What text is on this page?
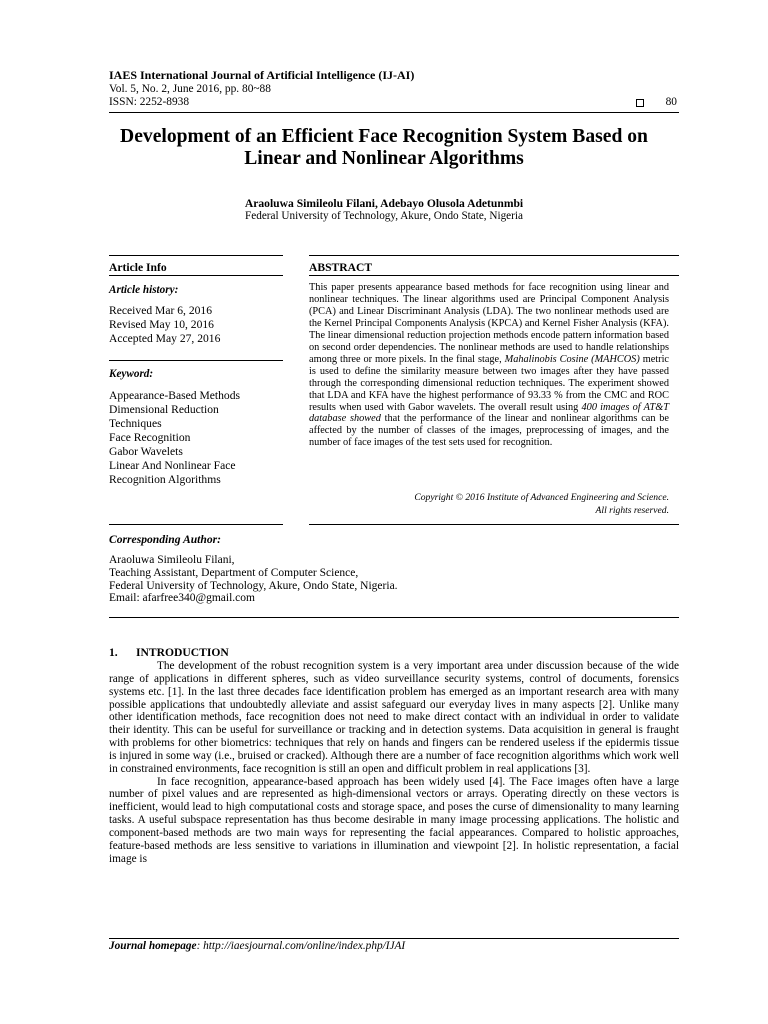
IAES International Journal of Artificial Intelligence (IJ-AI)
Vol. 5, No. 2, June 2016, pp. 80~88
ISSN: 2252-8938	80
Development of an Efficient Face Recognition System Based on
Linear and Nonlinear Algorithms
Araoluwa Simileolu Filani, Adebayo Olusola Adetunmbi
Federal University of Technology, Akure, Ondo State, Nigeria
Article Info
Article history:
Received Mar 6, 2016
Revised May 10, 2016
Accepted May 27, 2016
Keyword:
Appearance-Based Methods
Dimensional Reduction
Techniques
Face Recognition
Gabor Wavelets
Linear And Nonlinear Face
Recognition Algorithms
ABSTRACT
This paper presents appearance based methods for face recognition using linear and nonlinear techniques. The linear algorithms used are Principal Component Analysis (PCA) and Linear Discriminant Analysis (LDA). The two nonlinear methods used are the Kernel Principal Components Analysis (KPCA) and Kernel Fisher Analysis (KFA). The linear dimensional reduction projection methods encode pattern information based on second order dependencies. The nonlinear methods are used to handle relationships among three or more pixels. In the final stage, Mahalinobis Cosine (MAHCOS) metric is used to define the similarity measure between two images after they have passed through the corresponding dimensional reduction techniques. The experiment showed that LDA and KFA have the highest performance of 93.33 % from the CMC and ROC results when used with Gabor wavelets. The overall result using 400 images of AT&T database showed that the performance of the linear and nonlinear algorithms can be affected by the number of classes of the images, preprocessing of images, and the number of face images of the test sets used for recognition.
Copyright © 2016 Institute of Advanced Engineering and Science.
All rights reserved.
Corresponding Author:
Araoluwa Simileolu Filani,
Teaching Assistant, Department of Computer Science,
Federal University of Technology, Akure, Ondo State, Nigeria.
Email: afarfree340@gmail.com
1. INTRODUCTION

The development of the robust recognition system is a very important area under discussion because of the wide range of applications in different spheres, such as video surveillance security systems, control of documents, forensics systems etc. [1]. In the last three decades face identification problem has emerged as an important research area with many possible applications that undoubtedly alleviate and assist safeguard our everyday lives in many aspects [2]. Unlike many other identification methods, face recognition does not need to make direct contact with an individual in order to validate their identity. This can be useful for surveillance or tracking and in detection systems. Data acquisition in general is fraught with problems for other biometrics: techniques that rely on hands and fingers can be rendered useless if the epidermis tissue is injured in some way (i.e., bruised or cracked). Although there are a number of face recognition algorithms which work well in constrained environments, face recognition is still an open and difficult problem in real applications [3].

In face recognition, appearance-based approach has been widely used [4]. The Face images often have a large number of pixel values and are represented as high-dimensional vectors or arrays. Operating directly on these vectors is inefficient, would lead to high computational costs and storage space, and poses the curse of dimensionality to many learning tasks. A useful subspace representation has thus become desirable in many image processing applications. The holistic and component-based methods are two main ways for representing the facial appearances. Compared to holistic approaches, feature-based methods are less sensitive to variations in illumination and viewpoint [2]. In holistic representation, a facial image is

Journal homepage: http://iaesjournal.com/online/index.php/IJAI
